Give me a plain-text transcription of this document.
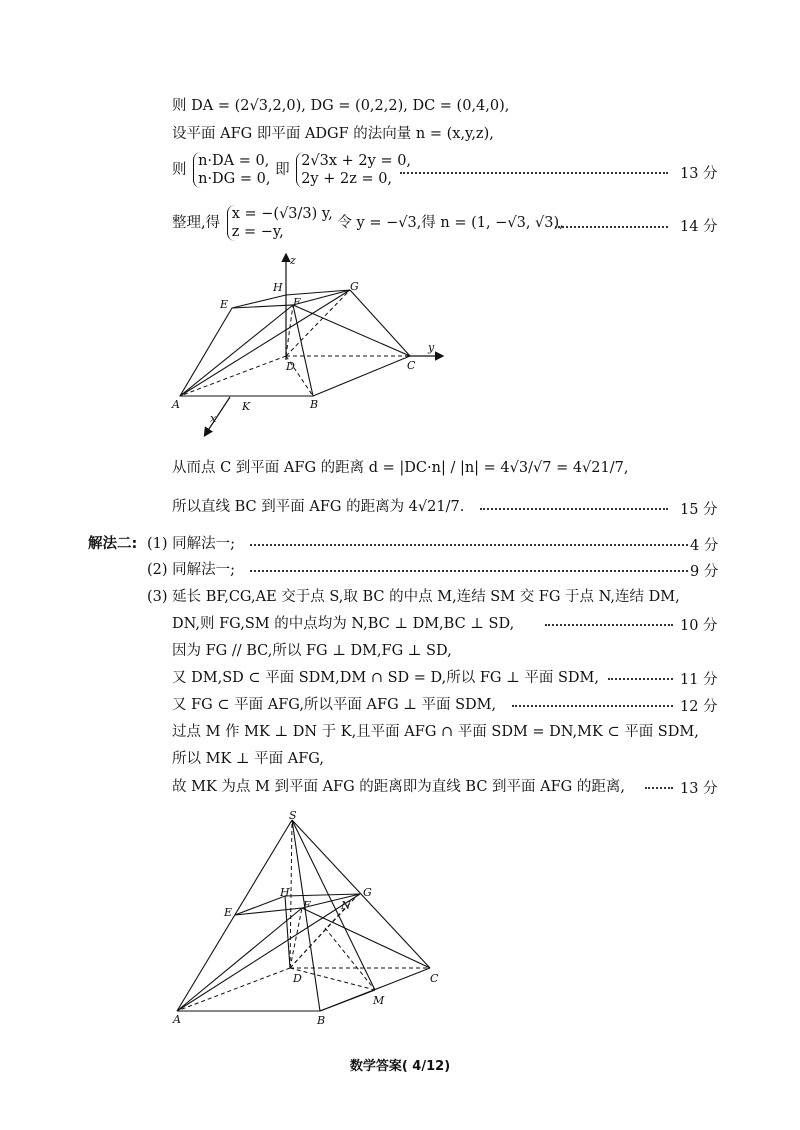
则 DA = (2√3,2,0), DG = (0,2,2), DC = (0,4,0),
设平面 AFG 即平面 ADGF 的法向量 n = (x,y,z),
则
n·DA = 0,
n·DG = 0,
即
2√3x + 2y = 0,
2y + 2z = 0,	13 分
整理,得
x = −(√3/3) y,
z = −y,
令 y = −√3,得 n = (1, −√3, √3),	14 分
z
H	G
E	F
y
D	C
A	K	B
x
从而点 C 到平面 AFG 的距离 d = |DC·n| / |n| = 4√3/√7 = 4√21/7,
所以直线 BC 到平面 AFG 的距离为 4√21/7.	15 分
解法二: (1) 同解法一;	4 分
(2) 同解法一;	9 分
(3) 延长 BF,CG,AE 交于点 S,取 BC 的中点 M,连结 SM 交 FG 于点 N,连结 DM,
DN,则 FG,SM 的中点均为 N,BC ⊥ DM,BC ⊥ SD,	10 分
因为 FG // BC,所以 FG ⊥ DM,FG ⊥ SD,
又 DM,SD ⊂ 平面 SDM,DM ∩ SD = D,所以 FG ⊥ 平面 SDM,	11 分
又 FG ⊂ 平面 AFG,所以平面 AFG ⊥ 平面 SDM,	12 分
过点 M 作 MK ⊥ DN 于 K,且平面 AFG ∩ 平面 SDM = DN,MK ⊂ 平面 SDM,
所以 MK ⊥ 平面 AFG,
故 MK 为点 M 到平面 AFG 的距离即为直线 BC 到平面 AFG 的距离,	13 分
S
H	G
E
F	N
D	C
M
A	B
数学答案( 4/12)
